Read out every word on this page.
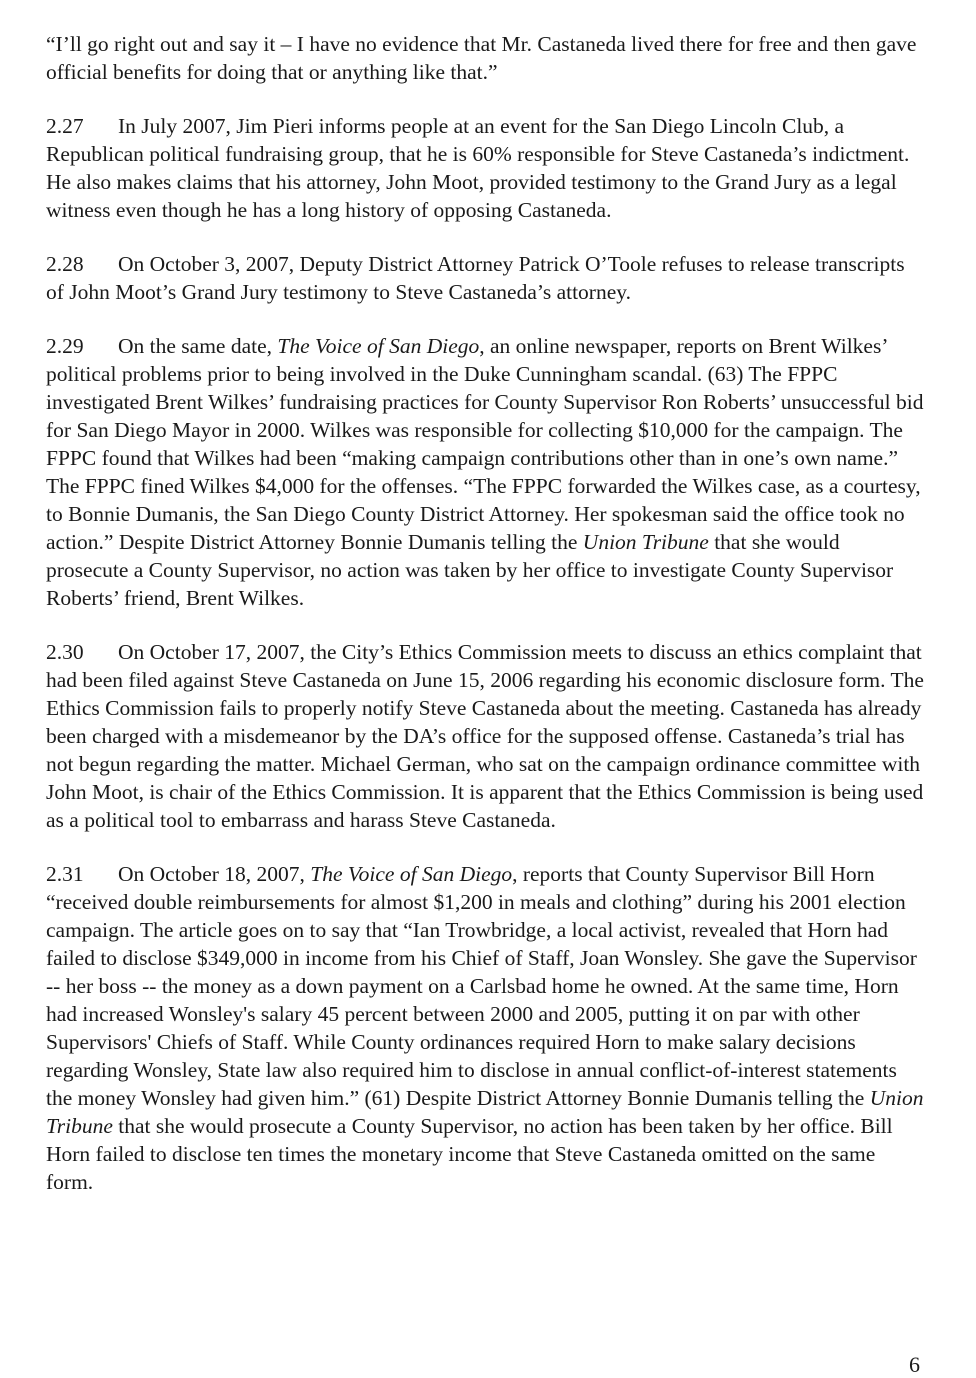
“I’ll go right out and say it – I have no evidence that Mr. Castaneda lived there for free and then gave official benefits for doing that or anything like that.”

2.27 In July 2007, Jim Pieri informs people at an event for the San Diego Lincoln Club, a Republican political fundraising group, that he is 60% responsible for Steve Castaneda’s indictment. He also makes claims that his attorney, John Moot, provided testimony to the Grand Jury as a legal witness even though he has a long history of opposing Castaneda.

2.28 On October 3, 2007, Deputy District Attorney Patrick O’Toole refuses to release transcripts of John Moot’s Grand Jury testimony to Steve Castaneda’s attorney.

2.29 On the same date, The Voice of San Diego, an online newspaper, reports on Brent Wilkes’ political problems prior to being involved in the Duke Cunningham scandal. (63) The FPPC investigated Brent Wilkes’ fundraising practices for County Supervisor Ron Roberts’ unsuccessful bid for San Diego Mayor in 2000. Wilkes was responsible for collecting $10,000 for the campaign. The FPPC found that Wilkes had been “making campaign contributions other than in one’s own name.” The FPPC fined Wilkes $4,000 for the offenses. “The FPPC forwarded the Wilkes case, as a courtesy, to Bonnie Dumanis, the San Diego County District Attorney. Her spokesman said the office took no action.” Despite District Attorney Bonnie Dumanis telling the Union Tribune that she would prosecute a County Supervisor, no action was taken by her office to investigate County Supervisor Roberts’ friend, Brent Wilkes.

2.30 On October 17, 2007, the City’s Ethics Commission meets to discuss an ethics complaint that had been filed against Steve Castaneda on June 15, 2006 regarding his economic disclosure form. The Ethics Commission fails to properly notify Steve Castaneda about the meeting. Castaneda has already been charged with a misdemeanor by the DA’s office for the supposed offense. Castaneda’s trial has not begun regarding the matter. Michael German, who sat on the campaign ordinance committee with John Moot, is chair of the Ethics Commission. It is apparent that the Ethics Commission is being used as a political tool to embarrass and harass Steve Castaneda.

2.31 On October 18, 2007, The Voice of San Diego, reports that County Supervisor Bill Horn “received double reimbursements for almost $1,200 in meals and clothing” during his 2001 election campaign. The article goes on to say that “Ian Trowbridge, a local activist, revealed that Horn had failed to disclose $349,000 in income from his Chief of Staff, Joan Wonsley. She gave the Supervisor -- her boss -- the money as a down payment on a Carlsbad home he owned. At the same time, Horn had increased Wonsley's salary 45 percent between 2000 and 2005, putting it on par with other Supervisors' Chiefs of Staff. While County ordinances required Horn to make salary decisions regarding Wonsley, State law also required him to disclose in annual conflict-of-interest statements the money Wonsley had given him.” (61) Despite District Attorney Bonnie Dumanis telling the Union Tribune that she would prosecute a County Supervisor, no action has been taken by her office. Bill Horn failed to disclose ten times the monetary income that Steve Castaneda omitted on the same form.

6
